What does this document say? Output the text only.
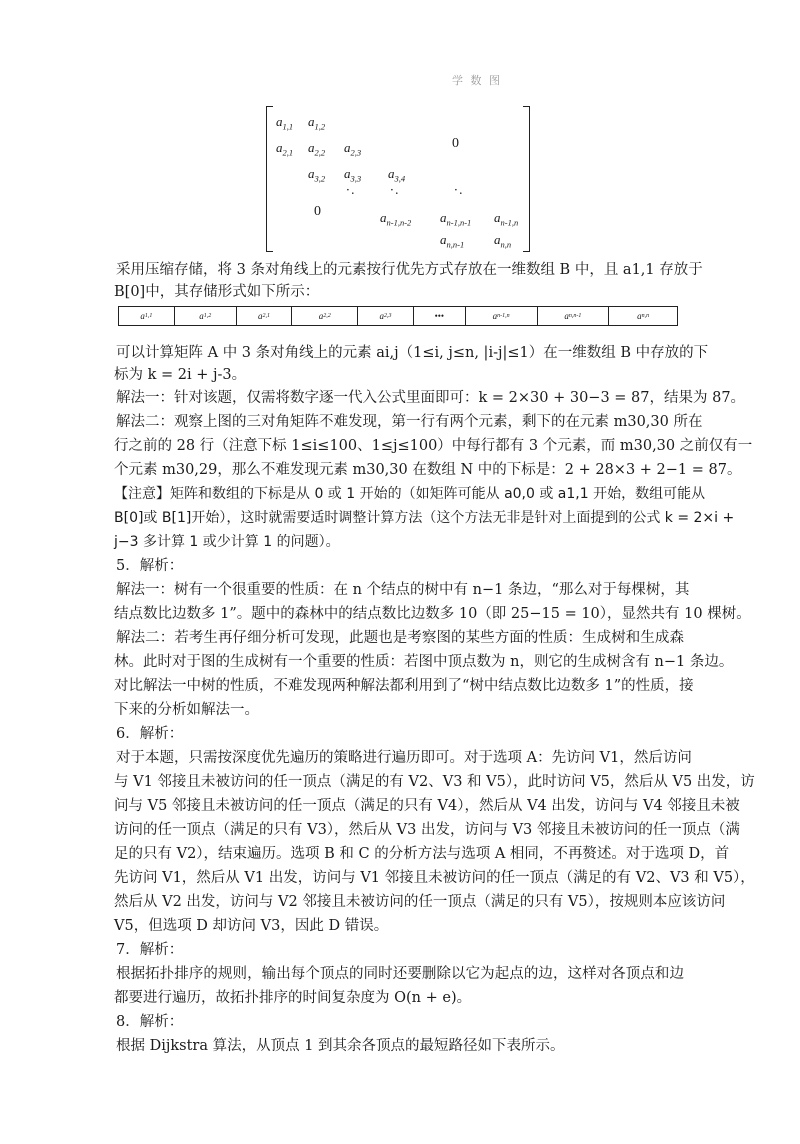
学 数 图
$a_{1,1}$ $a_{1,2}$
$a_{2,1}$ $a_{2,2}$ $a_{2,3}$
0
$a_{3,2}$ $a_{3,3}$ $a_{3,4}$
·.	·.	·.
0	$a_{n-1,n-2}$ $a_{n-1,n-1}$ $a_{n-1,n}$
$a_{n,n-1}$ $a_{n,n}$
a 1,1	a 1,2	a 2,1	a 2,2	a 2,3	•••	a n-1,n	a n,n-1	a n,n
采用压缩存储，将 3 条对角线上的元素按行优先方式存放在一维数组 B 中，且 a1,1 存放于
B[0]中，其存储形式如下所示：
可以计算矩阵 A 中 3 条对角线上的元素 ai,j（1≤i, j≤n, |i-j|≤1）在一维数组 B 中存放的下
标为 k = 2i + j-3。
解法一：针对该题，仅需将数字逐一代入公式里面即可：k = 2×30 + 30−3 = 87，结果为 87。
解法二：观察上图的三对角矩阵不难发现，第一行有两个元素，剩下的在元素 m30,30 所在
行之前的 28 行（注意下标 1≤i≤100、1≤j≤100）中每行都有 3 个元素，而 m30,30 之前仅有一
个元素 m30,29，那么不难发现元素 m30,30 在数组 N 中的下标是：2 + 28×3 + 2−1 = 87。
【注意】矩阵和数组的下标是从 0 或 1 开始的（如矩阵可能从 a0,0 或 a1,1 开始，数组可能从
B[0]或 B[1]开始），这时就需要适时调整计算方法（这个方法无非是针对上面提到的公式 k = 2×i +
j−3 多计算 1 或少计算 1 的问题）。
5．解析：
解法一：树有一个很重要的性质：在 n 个结点的树中有 n−1 条边，“那么对于每棵树，其
结点数比边数多 1”。题中的森林中的结点数比边数多 10（即 25−15 = 10），显然共有 10 棵树。
解法二：若考生再仔细分析可发现，此题也是考察图的某些方面的性质：生成树和生成森
林。此时对于图的生成树有一个重要的性质：若图中顶点数为 n，则它的生成树含有 n−1 条边。
对比解法一中树的性质，不难发现两种解法都利用到了“树中结点数比边数多 1”的性质，接
下来的分析如解法一。
6．解析：
对于本题，只需按深度优先遍历的策略进行遍历即可。对于选项 A：先访问 V1，然后访问
与 V1 邻接且未被访问的任一顶点（满足的有 V2、V3 和 V5），此时访问 V5，然后从 V5 出发，访
问与 V5 邻接且未被访问的任一顶点（满足的只有 V4），然后从 V4 出发，访问与 V4 邻接且未被
访问的任一顶点（满足的只有 V3），然后从 V3 出发，访问与 V3 邻接且未被访问的任一顶点（满
足的只有 V2），结束遍历。选项 B 和 C 的分析方法与选项 A 相同，不再赘述。对于选项 D，首
先访问 V1，然后从 V1 出发，访问与 V1 邻接且未被访问的任一顶点（满足的有 V2、V3 和 V5），
然后从 V2 出发，访问与 V2 邻接且未被访问的任一顶点（满足的只有 V5），按规则本应该访问
V5，但选项 D 却访问 V3，因此 D 错误。
7．解析：
根据拓扑排序的规则，输出每个顶点的同时还要删除以它为起点的边，这样对各顶点和边
都要进行遍历，故拓扑排序的时间复杂度为 O(n + e)。
8．解析：
根据 Dijkstra 算法，从顶点 1 到其余各顶点的最短路径如下表所示。
